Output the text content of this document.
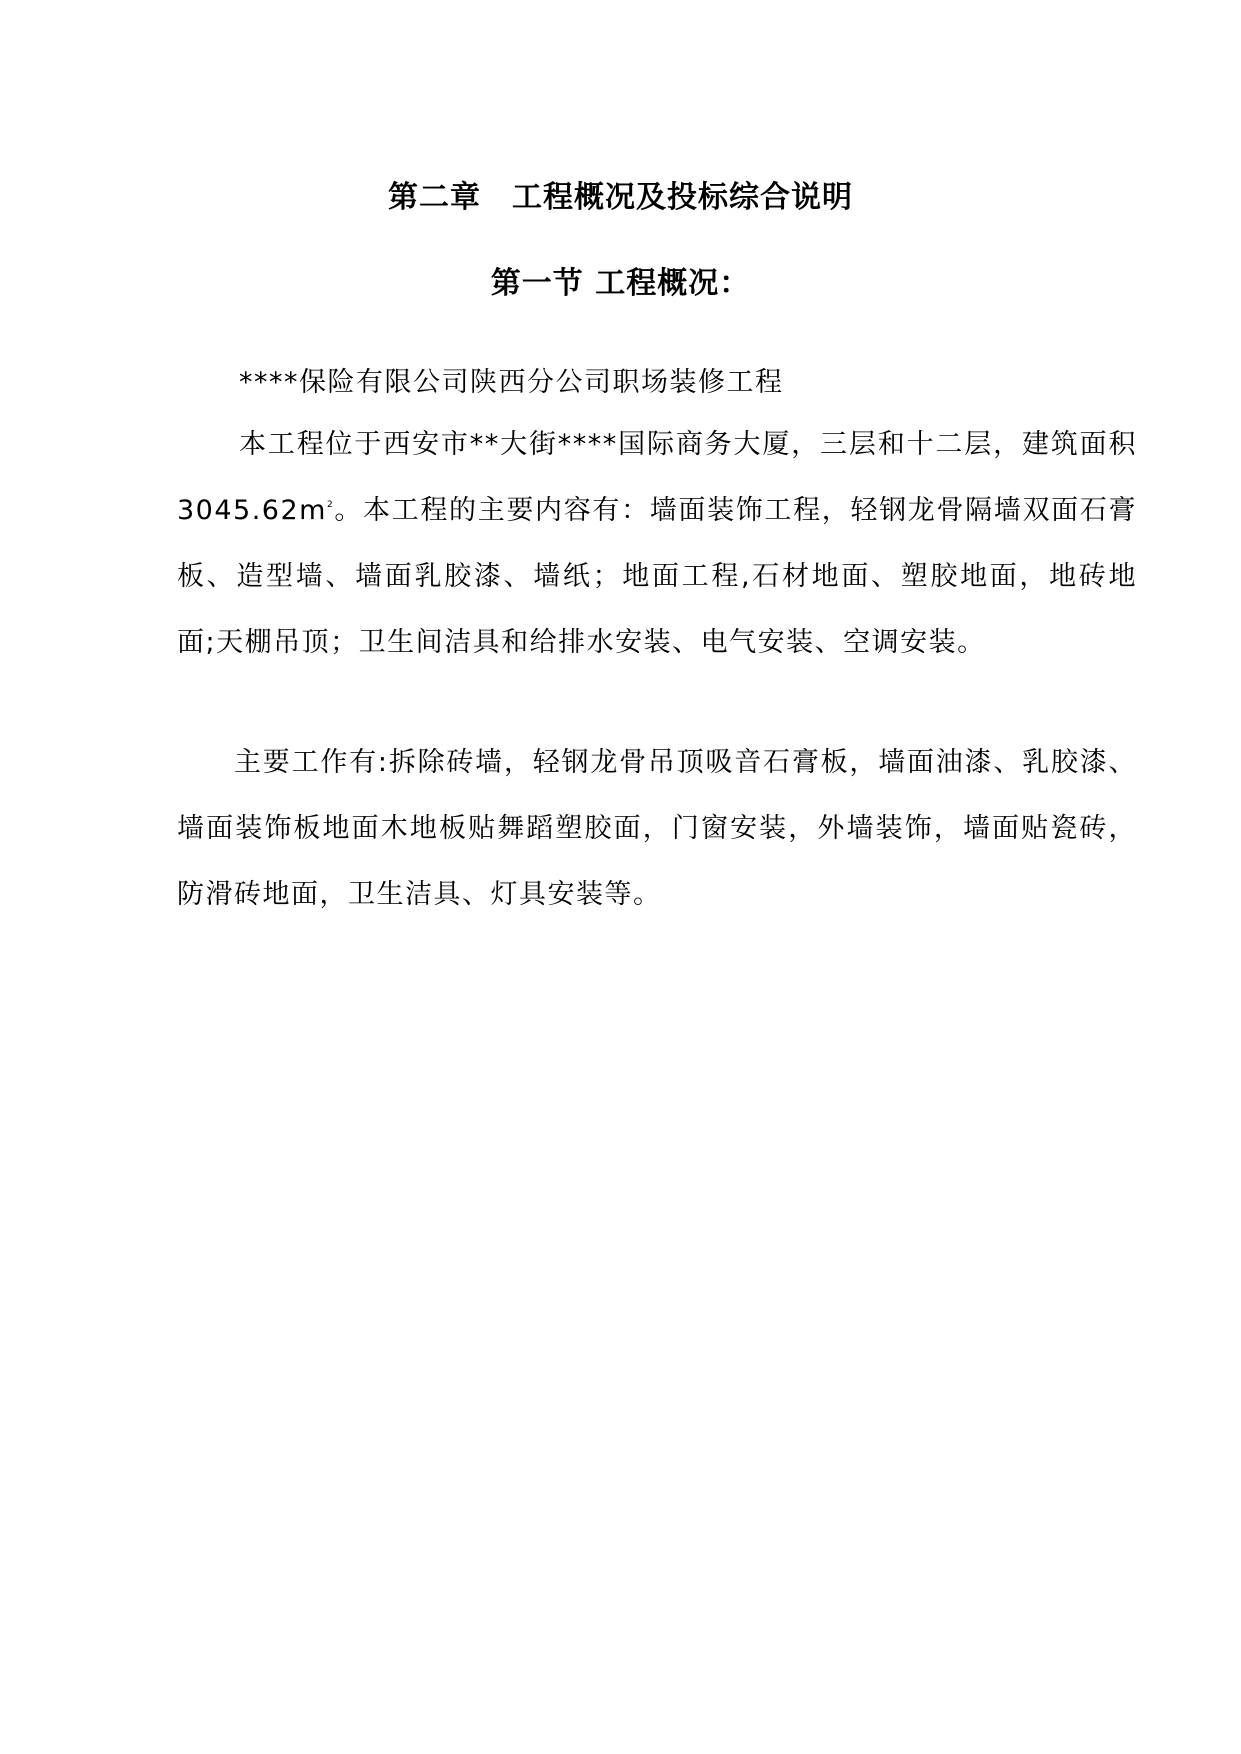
第二章　工程概况及投标综合说明
第一节 工程概况：
****保险有限公司陕西分公司职场装修工程
本工程位于西安市**大街****国际商务大厦，三层和十二层，建筑面积$3045.62m^2$。本工程的主要内容有：墙面装饰工程，轻钢龙骨隔墙双面石膏板、造型墙、墙面乳胶漆、墙纸；地面工程,石材地面、塑胶地面，地砖地面;天棚吊顶；卫生间洁具和给排水安装、电气安装、空调安装。
主要工作有:拆除砖墙，轻钢龙骨吊顶吸音石膏板，墙面油漆、乳胶漆、墙面装饰板地面木地板贴舞蹈塑胶面，门窗安装，外墙装饰，墙面贴瓷砖，防滑砖地面，卫生洁具、灯具安装等。
